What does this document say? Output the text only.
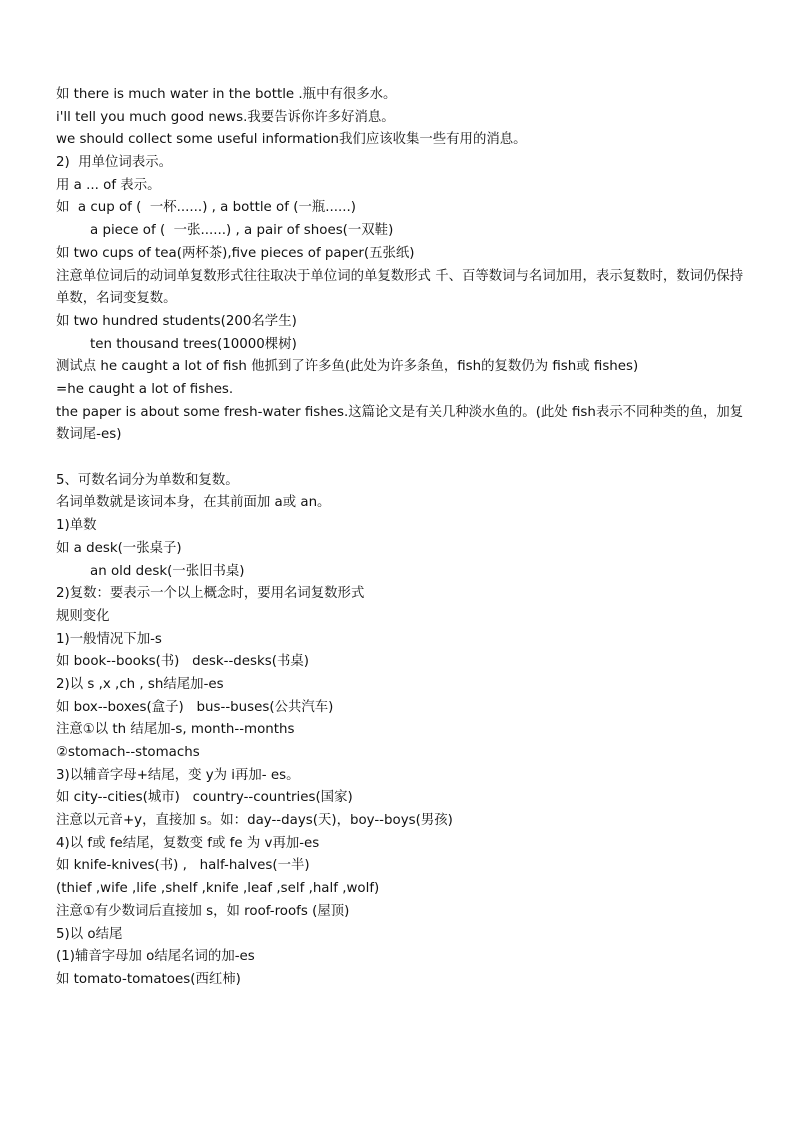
如 there is much water in the bottle .瓶中有很多水。
i'll tell you much good news.我要告诉你许多好消息。
we should collect some useful information我们应该收集一些有用的消息。
2)  用单位词表示。
用 a ... of 表示。
如  a cup of (  一杯......) , a bottle of (一瓶......)
a piece of (  一张......) , a pair of shoes(一双鞋)
如 two cups of tea(两杯茶),five pieces of paper(五张纸)
注意单位词后的动词单复数形式往往取决于单位词的单复数形式 千、百等数词与名词加用，表示复数时，数词仍保持单数，名词变复数。
如 two hundred students(200名学生)
ten thousand trees(10000棵树)
测试点 he caught a lot of fish 他抓到了许多鱼(此处为许多条鱼，fish的复数仍为 fish或 fishes)
=he caught a lot of fishes.
the paper is about some fresh-water fishes.这篇论文是有关几种淡水鱼的。(此处 fish表示不同种类的鱼，加复数词尾-es)
5、可数名词分为单数和复数。
名词单数就是该词本身，在其前面加 a或 an。
1)单数
如 a desk(一张桌子)
an old desk(一张旧书桌)
2)复数：要表示一个以上概念时，要用名词复数形式
规则变化
1)一般情况下加-s
如 book--books(书)   desk--desks(书桌)
2)以 s ,x ,ch , sh结尾加-es
如 box--boxes(盒子)   bus--buses(公共汽车)
注意①以 th 结尾加-s, month--months
②stomach--stomachs
3)以辅音字母+结尾，变 y为 i再加- es。
如 city--cities(城市)   country--countries(国家)
注意以元音+y，直接加 s。如：day--days(天)，boy--boys(男孩)
4)以 f或 fe结尾，复数变 f或 fe 为 v再加-es
如 knife-knives(书) ,   half-halves(一半)
(thief ,wife ,life ,shelf ,knife ,leaf ,self ,half ,wolf)
注意①有少数词后直接加 s，如 roof-roofs (屋顶)
5)以 o结尾
(1)辅音字母加 o结尾名词的加-es
如 tomato-tomatoes(西红柿)
